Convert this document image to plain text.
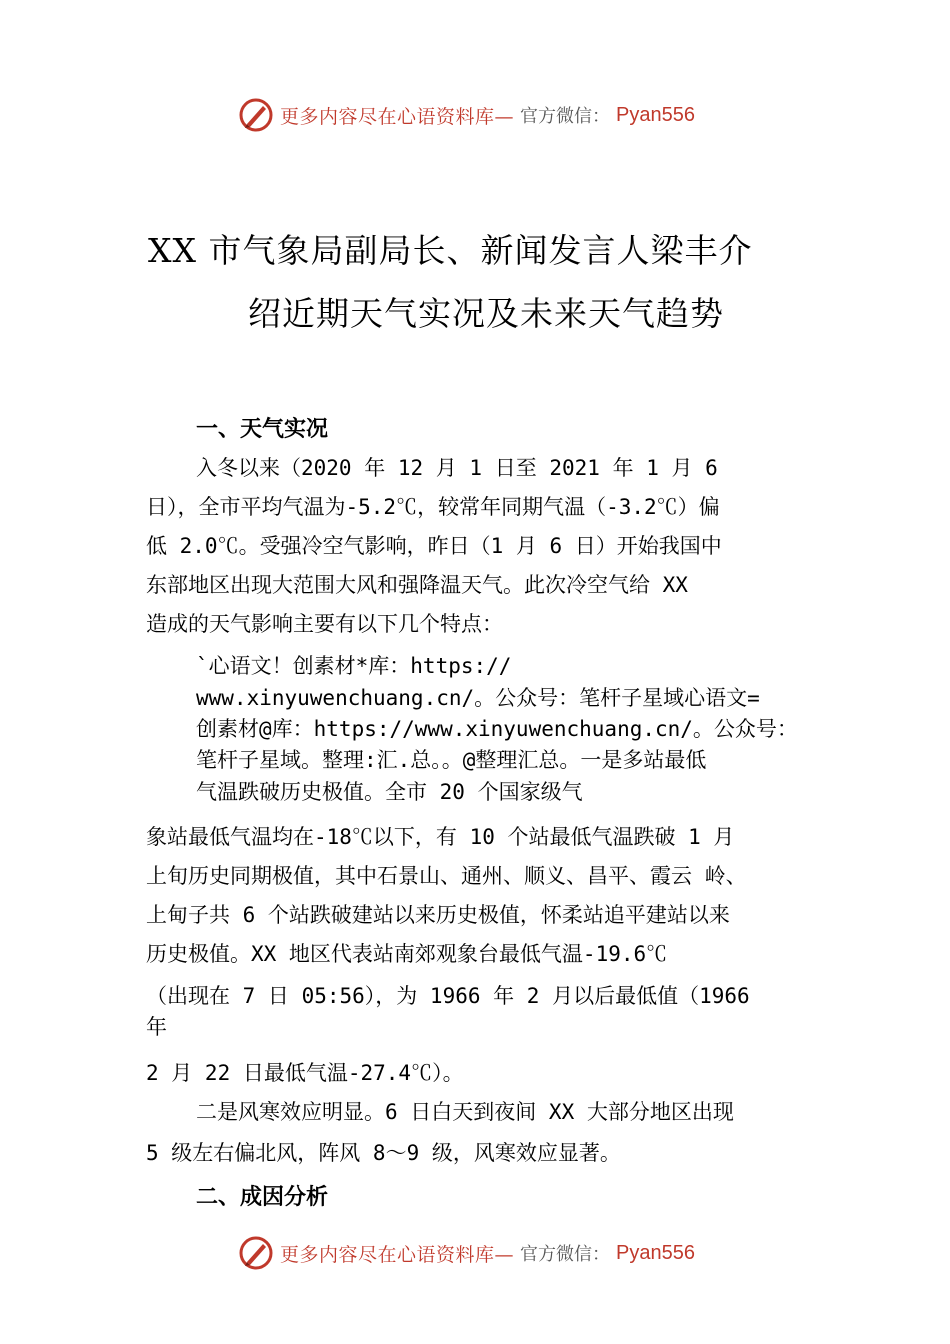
更多内容尽在心语资料库— 官方微信： Pyan556
XX 市气象局副局长、新闻发言人梁丰介
绍近期天气实况及未来天气趋势
一、天气实况
入冬以来（2020 年 12 月 1 日至 2021 年 1 月 6
日），全市平均气温为-5.2℃，较常年同期气温（-3.2℃）偏
低 2.0℃。受强冷空气影响，昨日（1 月 6 日）开始我国中
东部地区出现大范围大风和强降温天气。此次冷空气给 XX
造成的天气影响主要有以下几个特点：
`心语文！创素材*库：https://
www.xinyuwenchuang.cn/。公众号：笔杆子星域心语文=
创素材@库：https://www.xinyuwenchuang.cn/。公众号：
笔杆子星域。整理:汇.总。。@整理汇总。一是多站最低
气温跌破历史极值。全市 20 个国家级气
象站最低气温均在-18℃以下，有 10 个站最低气温跌破 1 月
上旬历史同期极值，其中石景山、通州、顺义、昌平、霞云 岭、
上甸子共 6 个站跌破建站以来历史极值，怀柔站追平建站以来
历史极值。XX 地区代表站南郊观象台最低气温-19.6℃
（出现在 7 日 05:56），为 1966 年 2 月以后最低值（1966
年
2 月 22 日最低气温-27.4℃）。
二是风寒效应明显。6 日白天到夜间 XX 大部分地区出现
5 级左右偏北风，阵风 8～9 级，风寒效应显著。
二、成因分析
更多内容尽在心语资料库— 官方微信： Pyan556
